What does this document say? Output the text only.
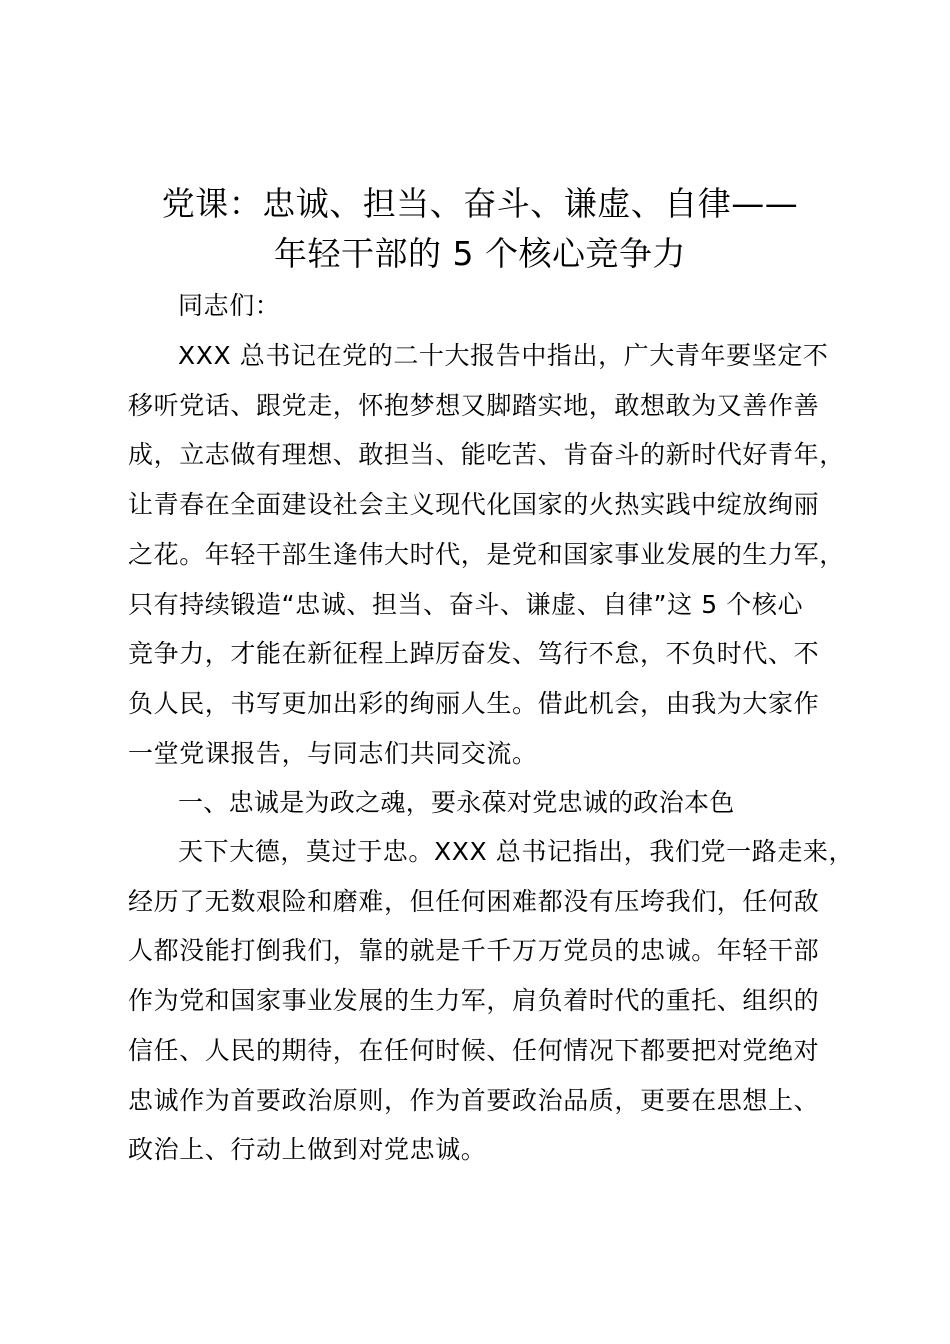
党课：忠诚、担当、奋斗、谦虚、自律——
年轻干部的 5 个核心竞争力

同志们：

XXX 总书记在党的二十大报告中指出，广大青年要坚定不
移听党话、跟党走，怀抱梦想又脚踏实地，敢想敢为又善作善
成，立志做有理想、敢担当、能吃苦、肯奋斗的新时代好青年，
让青春在全面建设社会主义现代化国家的火热实践中绽放绚丽
之花。年轻干部生逢伟大时代，是党和国家事业发展的生力军，
只有持续锻造“忠诚、担当、奋斗、谦虚、自律”这 5 个核心
竞争力，才能在新征程上踔厉奋发、笃行不怠，不负时代、不
负人民，书写更加出彩的绚丽人生。借此机会，由我为大家作
一堂党课报告，与同志们共同交流。

一、忠诚是为政之魂，要永葆对党忠诚的政治本色

天下大德，莫过于忠。XXX 总书记指出，我们党一路走来，
经历了无数艰险和磨难，但任何困难都没有压垮我们，任何敌
人都没能打倒我们，靠的就是千千万万党员的忠诚。年轻干部
作为党和国家事业发展的生力军，肩负着时代的重托、组织的
信任、人民的期待，在任何时候、任何情况下都要把对党绝对
忠诚作为首要政治原则，作为首要政治品质，更要在思想上、
政治上、行动上做到对党忠诚。
